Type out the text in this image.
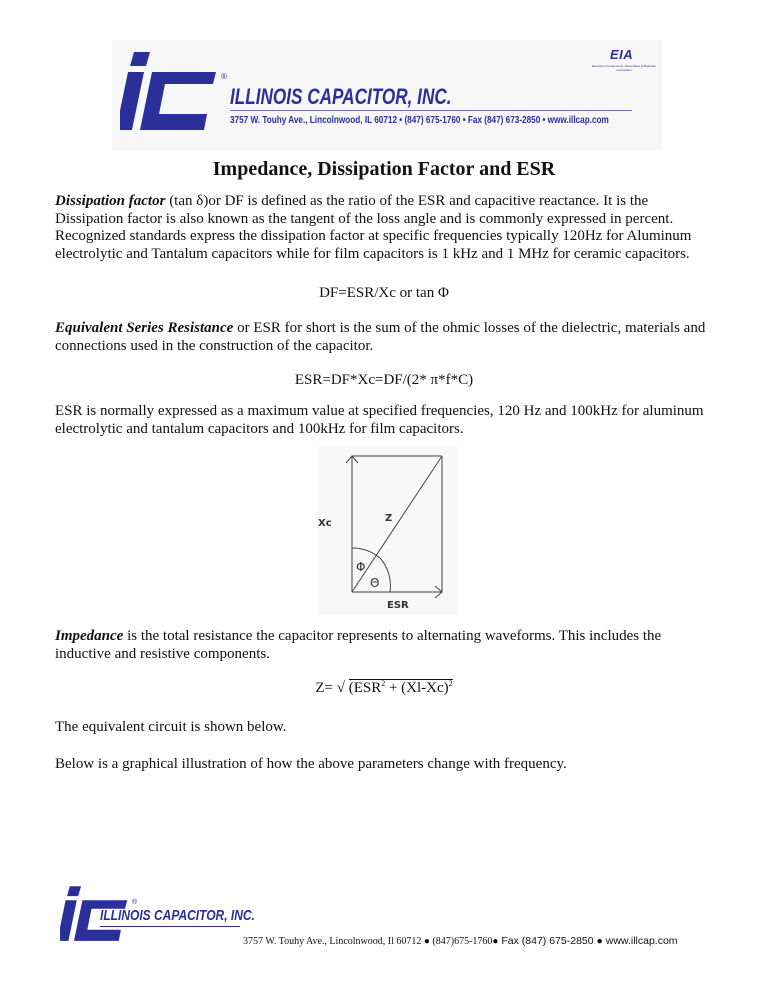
®
ILLINOIS CAPACITOR, INC.
3757 W. Touhy Ave., Lincolnwood, IL 60712 • (847) 675-1760 • Fax (847) 673-2850 • www.illcap.com
EIA
Electronic Components, Assemblies & Materials Association
Impedance, Dissipation Factor and ESR
Dissipation factor (tan δ)or DF is defined as the ratio of the ESR and capacitive reactance. It is the Dissipation factor is also known as the tangent of the loss angle and is commonly expressed in percent. Recognized standards express the dissipation factor at specific frequencies typically 120Hz for Aluminum electrolytic and Tantalum capacitors while for film capacitors is 1 kHz and 1 MHz for ceramic capacitors.
DF=ESR/Xc or tan Φ
Equivalent Series Resistance or ESR for short is the sum of the ohmic losses of the dielectric, materials and connections used in the construction of the capacitor.
ESR=DF*Xc=DF/(2* π*f*C)
ESR is normally expressed as a maximum value at specified frequencies, 120 Hz and 100kHz for aluminum electrolytic and tantalum capacitors and 100kHz for film capacitors.
Xc	Z
ESR
Φ
Θ
Impedance is the total resistance the capacitor represents to alternating waveforms. This includes the inductive and resistive components.
Z= √ ($ESR^2 + (Xl-Xc)^2$
The equivalent circuit is shown below.
Below is a graphical illustration of how the above parameters change with frequency.
®
ILLINOIS CAPACITOR, INC.
3757 W. Touhy Ave., Lincolnwood, Il 60712 ● (847)675-1760● Fax (847) 675-2850 ● www.illcap.com
